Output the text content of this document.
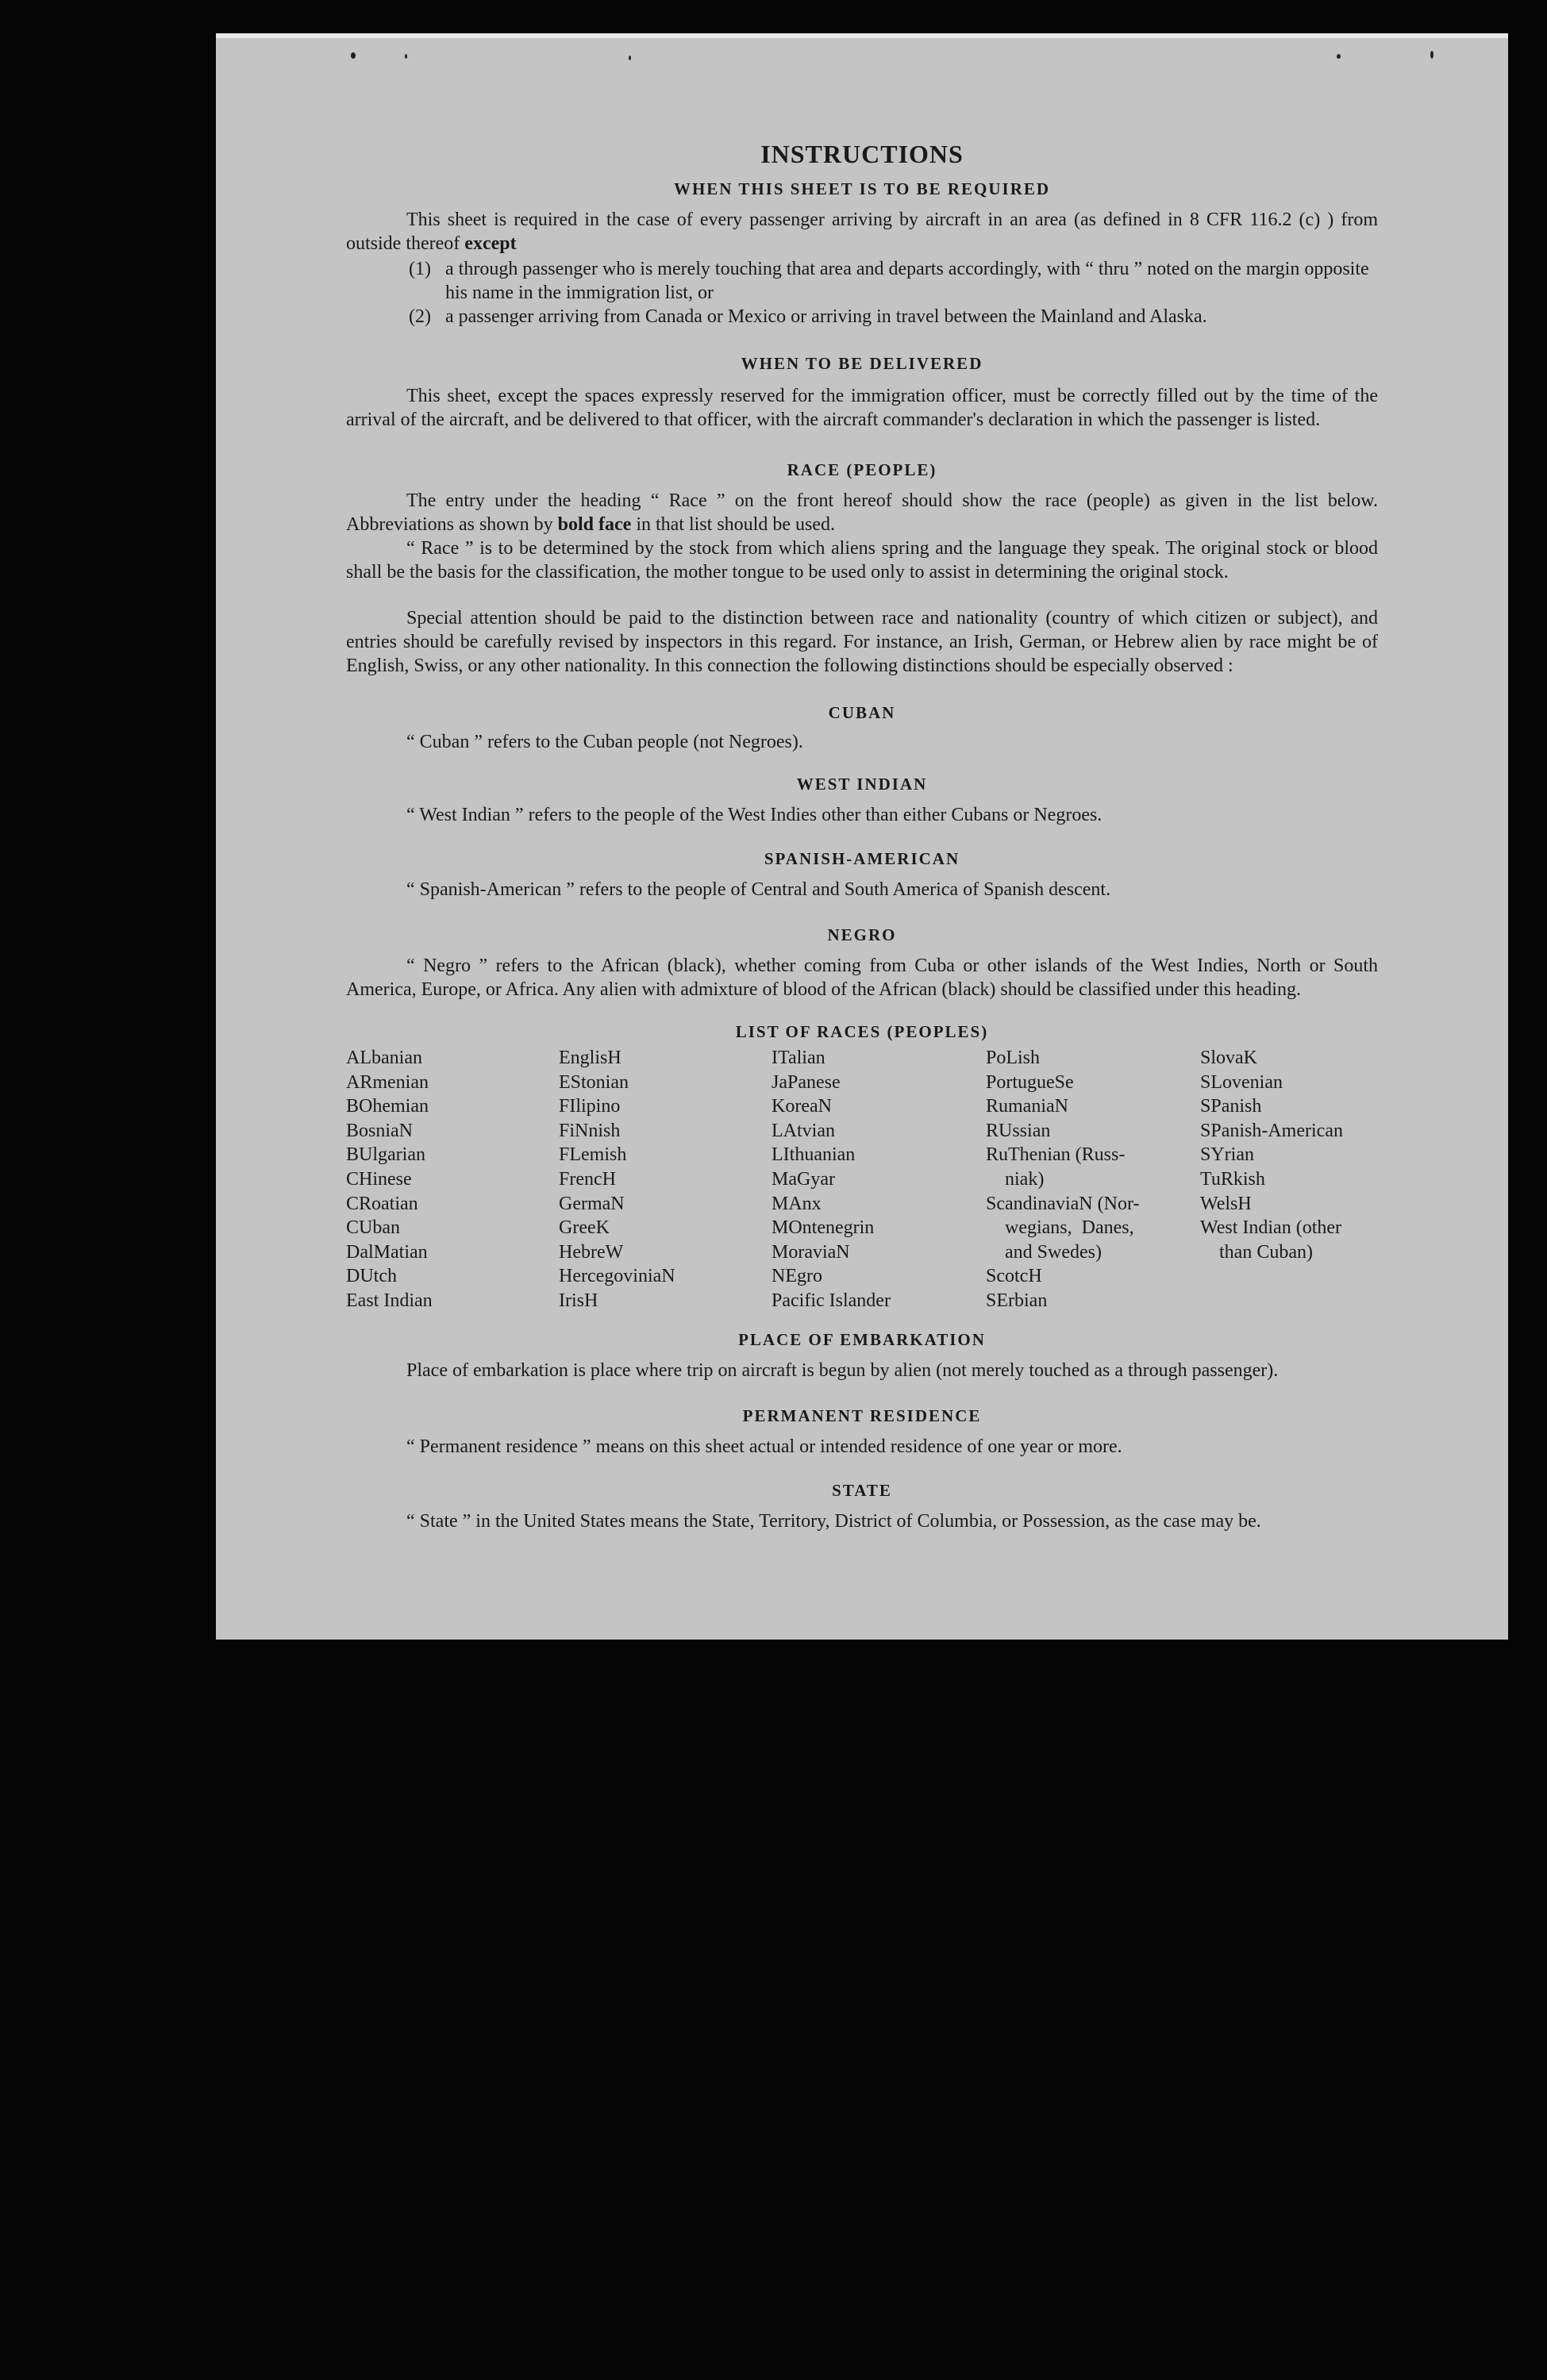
INSTRUCTIONS
WHEN THIS SHEET IS TO BE REQUIRED

This sheet is required in the case of every passenger arriving by aircraft in an area (as defined in 8 CFR 116.2 (c) ) from outside thereof except

(1) a through passenger who is merely touching that area and departs accordingly, with “ thru ” noted on the margin opposite his name in the immigration list, or
(2) a passenger arriving from Canada or Mexico or arriving in travel between the Mainland and Alaska.
WHEN TO BE DELIVERED

This sheet, except the spaces expressly reserved for the immigration officer, must be correctly filled out by the time of the arrival of the aircraft, and be delivered to that officer, with the aircraft commander's declaration in which the passenger is listed.

RACE (PEOPLE)

The entry under the heading “ Race ” on the front hereof should show the race (people) as given in the list below. Abbreviations as shown by bold face in that list should be used.

“ Race ” is to be determined by the stock from which aliens spring and the language they speak. The original stock or blood shall be the basis for the classification, the mother tongue to be used only to assist in determining the original stock.

Special attention should be paid to the distinction between race and nationality (country of which citizen or subject), and entries should be carefully revised by inspectors in this regard. For instance, an Irish, German, or Hebrew alien by race might be of English, Swiss, or any other nationality. In this connection the following distinctions should be especially observed :

CUBAN

“ Cuban ” refers to the Cuban people (not Negroes).

WEST INDIAN

“ West Indian ” refers to the people of the West Indies other than either Cubans or Negroes.

SPANISH-AMERICAN

“ Spanish-American ” refers to the people of Central and South America of Spanish descent.

NEGRO

“ Negro ” refers to the African (black), whether coming from Cuba or other islands of the West Indies, North or South America, Europe, or Africa. Any alien with admixture of blood of the African (black) should be classified under this heading.

LIST OF RACES (PEOPLES)
ALbanian
ARmenian
BOhemian
BosniaN
BUlgarian
CHinese
CRoatian
CUban
DalMatian
DUtch
East Indian
EnglisH
EStonian
FIlipino
FiNnish
FLemish
FrencH
GermaN
GreeK
HebreW
HercegoviniaN
IrisH
ITalian
JaPanese
KoreaN
LAtvian
LIthuanian
MaGyar
MAnx
MOntenegrin
MoraviaN
NEgro
Pacific Islander
PoLish
PortugueSe
RumaniaN
RUssian
RuThenian (Russ-
niak)
ScandinaviaN (Nor-
wegians,  Danes,
and Swedes)
ScotcH
SErbian
SlovaK
SLovenian
SPanish
SPanish-American
SYrian
TuRkish
WelsH
West Indian (other
than Cuban)
PLACE OF EMBARKATION

Place of embarkation is place where trip on aircraft is begun by alien (not merely touched as a through passenger).

PERMANENT RESIDENCE

“ Permanent residence ” means on this sheet actual or intended residence of one year or more.

STATE

“ State ” in the United States means the State, Territory, District of Columbia, or Possession, as the case may be.
